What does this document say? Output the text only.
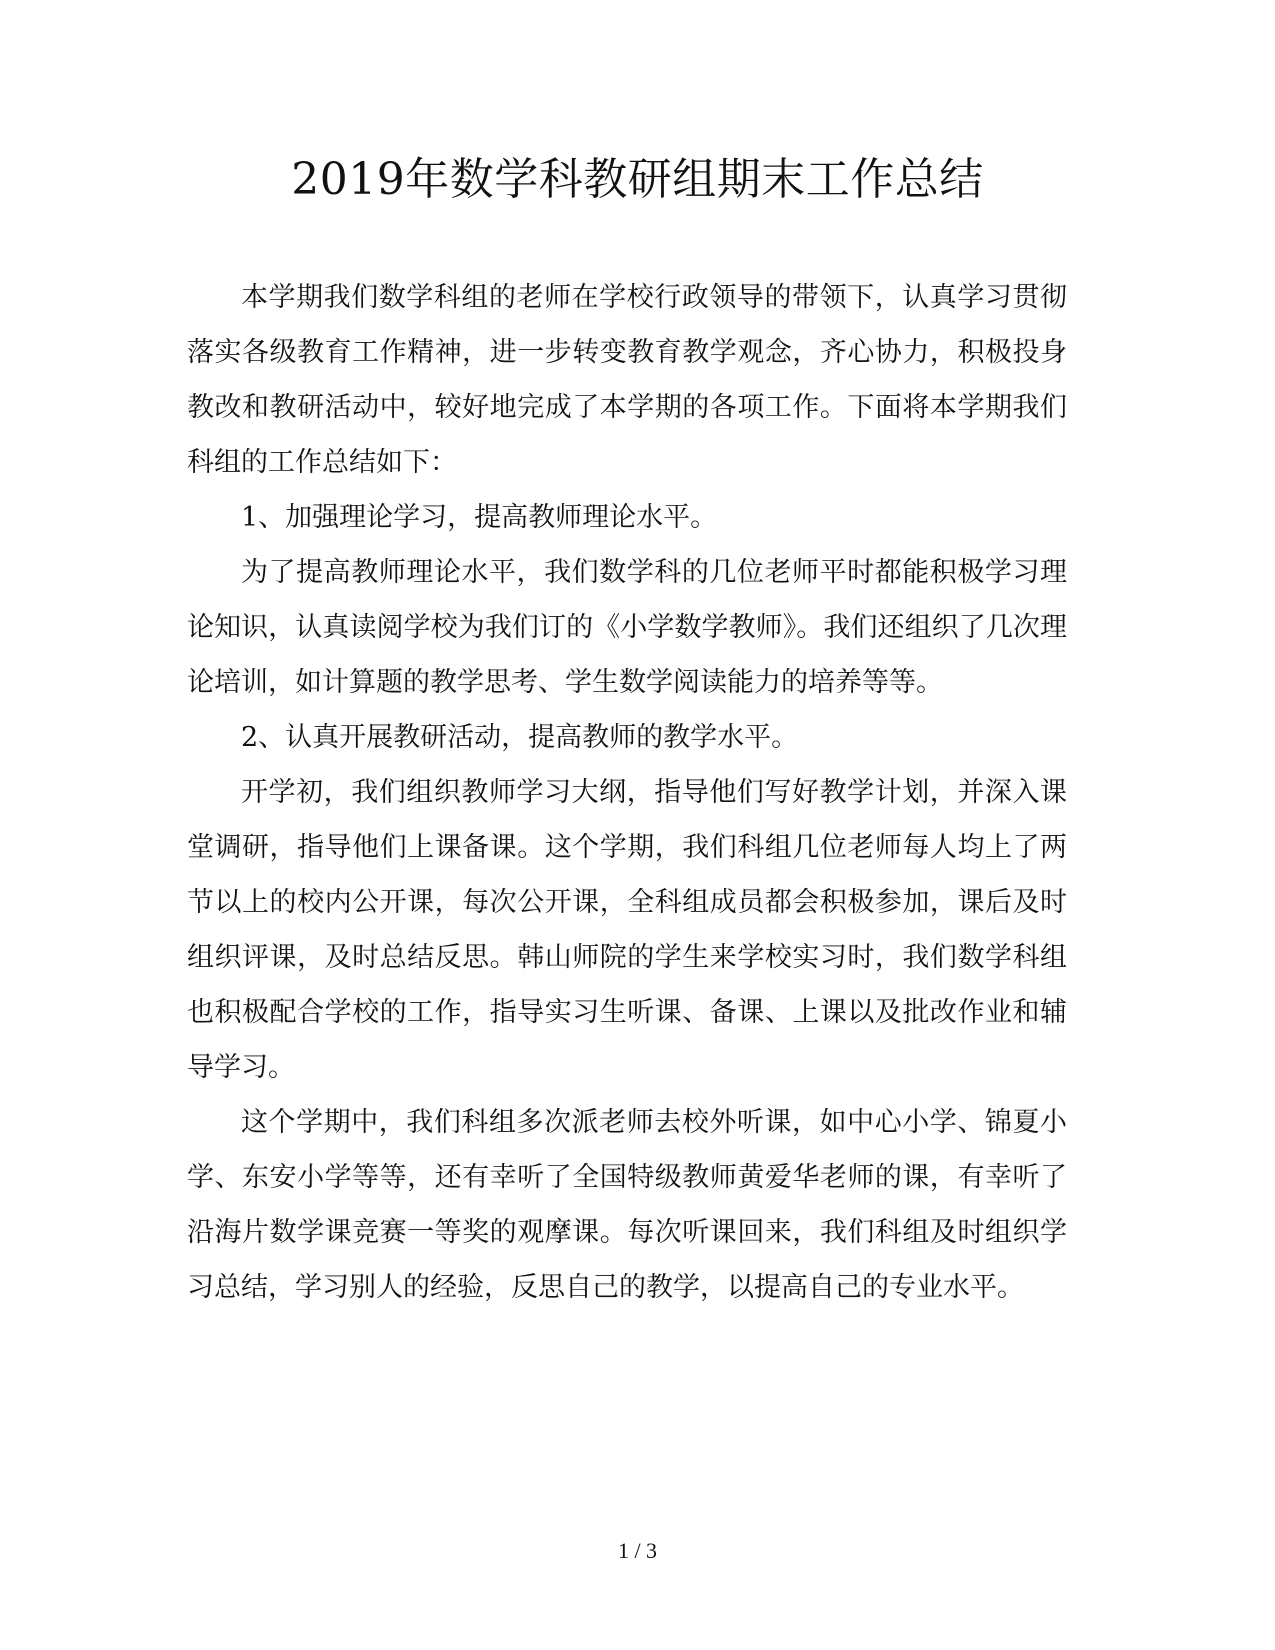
2019年数学科教研组期末工作总结

本学期我们数学科组的老师在学校行政领导的带领下，认真学习贯彻落实各级教育工作精神，进一步转变教育教学观念，齐心协力，积极投身教改和教研活动中，较好地完成了本学期的各项工作。下面将本学期我们科组的工作总结如下：

1、加强理论学习，提高教师理论水平。

为了提高教师理论水平，我们数学科的几位老师平时都能积极学习理论知识，认真读阅学校为我们订的《小学数学教师》。我们还组织了几次理论培训，如计算题的教学思考、学生数学阅读能力的培养等等。

2、认真开展教研活动，提高教师的教学水平。

开学初，我们组织教师学习大纲，指导他们写好教学计划，并深入课堂调研，指导他们上课备课。这个学期，我们科组几位老师每人均上了两节以上的校内公开课，每次公开课，全科组成员都会积极参加，课后及时组织评课，及时总结反思。韩山师院的学生来学校实习时，我们数学科组也积极配合学校的工作，指导实习生听课、备课、上课以及批改作业和辅导学习。

这个学期中，我们科组多次派老师去校外听课，如中心小学、锦夏小学、东安小学等等，还有幸听了全国特级教师黄爱华老师的课，有幸听了沿海片数学课竞赛一等奖的观摩课。每次听课回来，我们科组及时组织学习总结，学习别人的经验，反思自己的教学，以提高自己的专业水平。

1 / 3
